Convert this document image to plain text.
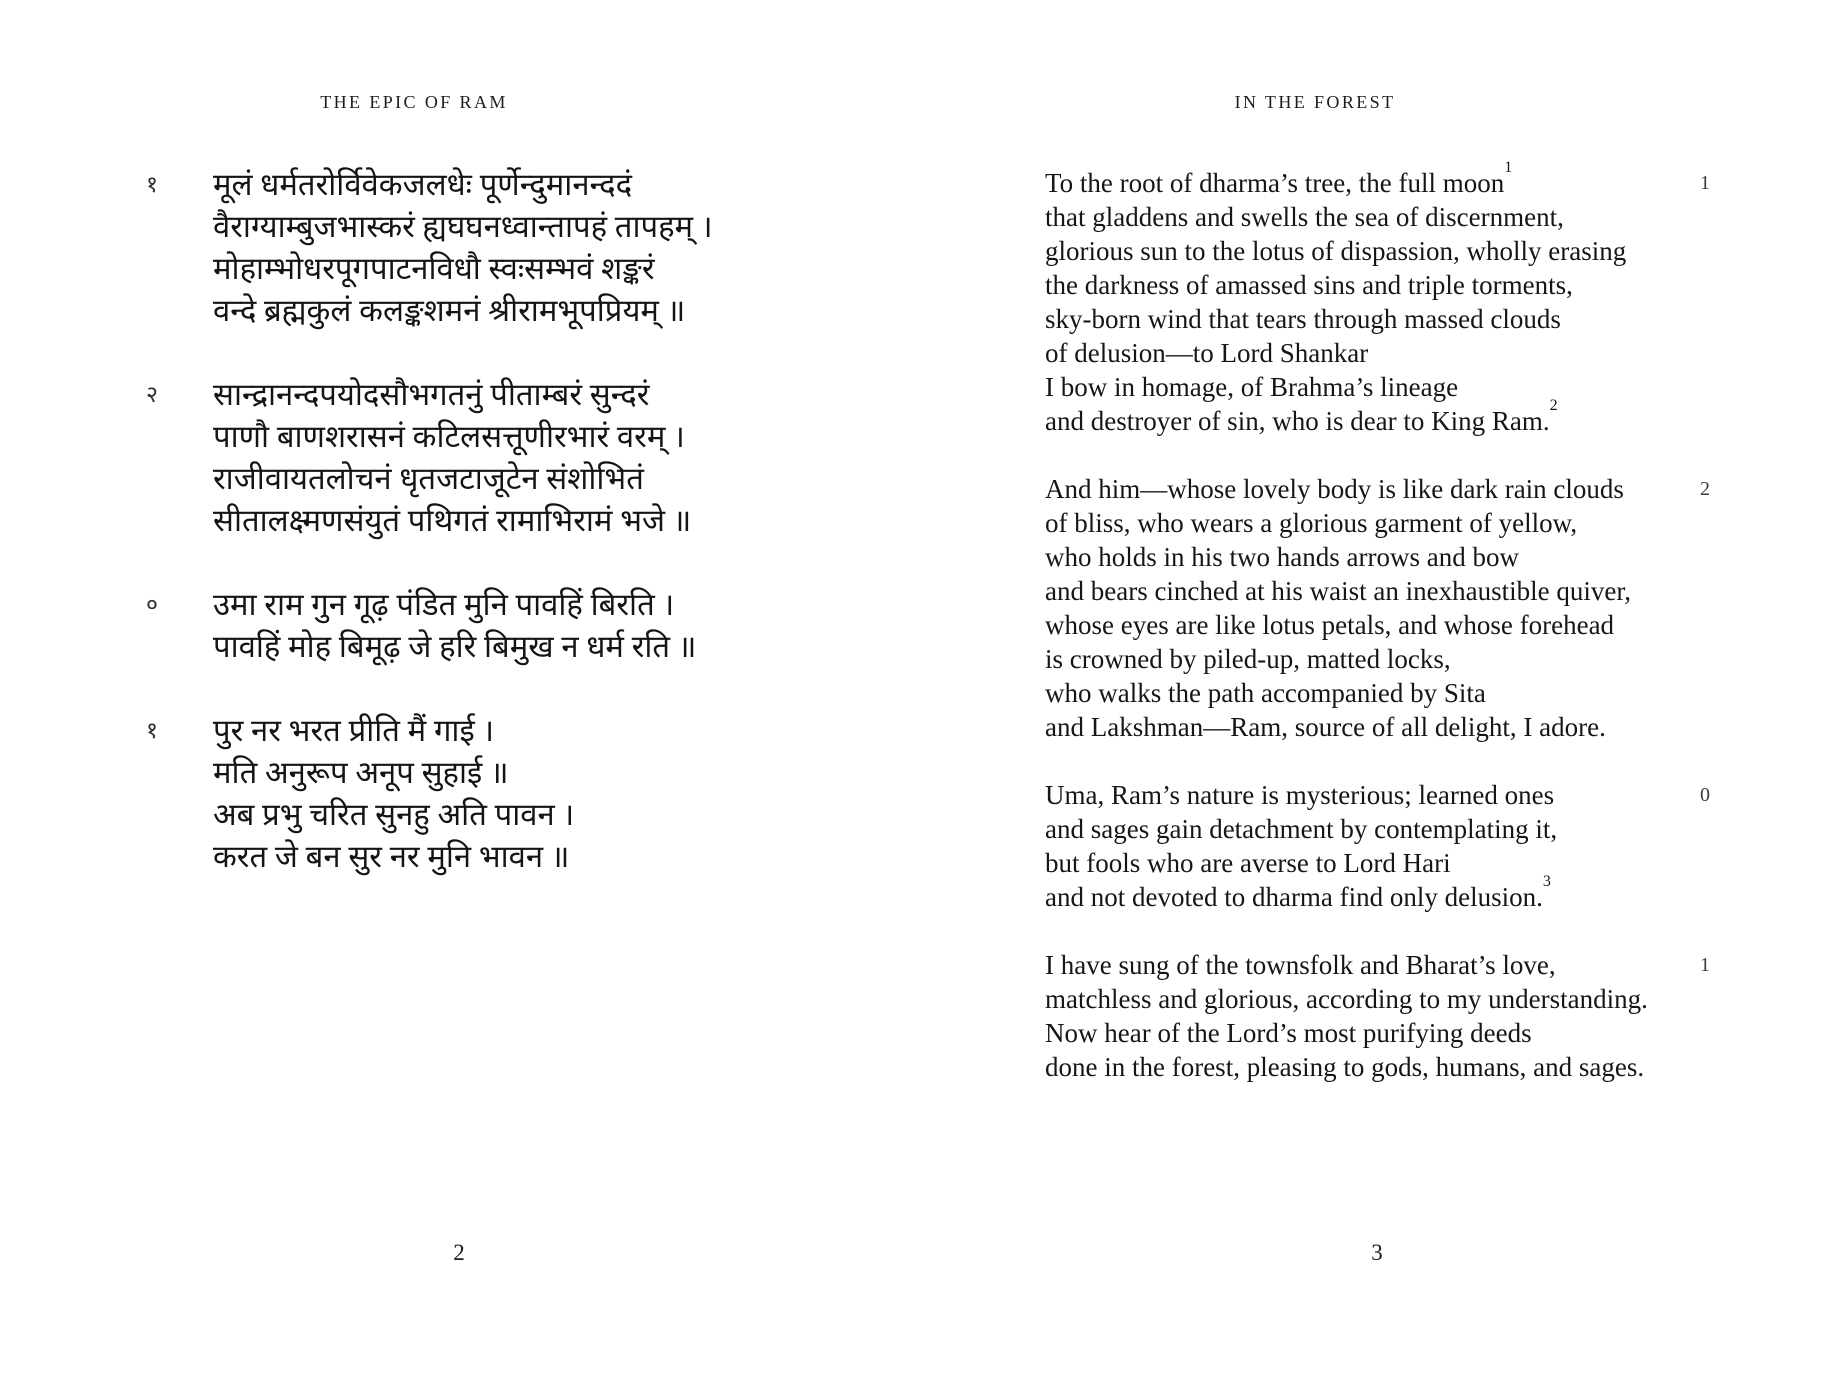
THE EPIC OF RAM
१	मूलं धर्मतरोर्विवेकजलधेः पूर्णेन्दुमानन्ददं
वैराग्याम्बुजभास्करं ह्यघघनध्वान्तापहं तापहम् ।
मोहाम्भोधरपूगपाटनविधौ स्वःसम्भवं शङ्करं
वन्दे ब्रह्मकुलं कलङ्कशमनं श्रीरामभूपप्रियम् ॥
२	सान्द्रानन्दपयोदसौभगतनुं पीताम्बरं सुन्दरं
पाणौ बाणशरासनं कटिलसत्तूणीरभारं वरम् ।
राजीवायतलोचनं धृतजटाजूटेन संशोभितं
सीतालक्ष्मणसंयुतं पथिगतं रामाभिरामं भजे ॥
०	उमा राम गुन गूढ़ पंडित मुनि पावहिं बिरति ।
पावहिं मोह बिमूढ़ जे हरि बिमुख न धर्म रति ॥
१	पुर नर भरत प्रीति मैं गाई ।
मति अनुरूप अनूप सुहाई ॥
अब प्रभु चरित सुनहु अति पावन ।
करत जे बन सुर नर मुनि भावन ॥
2
IN THE FOREST
To the root of dharma’s tree, the full moon$^1$
that gladdens and swells the sea of discernment,
glorious sun to the lotus of dispassion, wholly erasing
the darkness of amassed sins and triple torments,
sky-born wind that tears through massed clouds
of delusion—to Lord Shankar
I bow in homage, of Brahma’s lineage
and destroyer of sin, who is dear to King Ram.$^2$
1
And him—whose lovely body is like dark rain clouds
of bliss, who wears a glorious garment of yellow,
who holds in his two hands arrows and bow
and bears cinched at his waist an inexhaustible quiver,
whose eyes are like lotus petals, and whose forehead
is crowned by piled-up, matted locks,
who walks the path accompanied by Sita
and Lakshman—Ram, source of all delight, I adore.
2
Uma, Ram’s nature is mysterious; learned ones
and sages gain detachment by contemplating it,
but fools who are averse to Lord Hari
and not devoted to dharma find only delusion.$^3$
0
I have sung of the townsfolk and Bharat’s love,
matchless and glorious, according to my understanding.
Now hear of the Lord’s most purifying deeds
done in the forest, pleasing to gods, humans, and sages.
1
3
